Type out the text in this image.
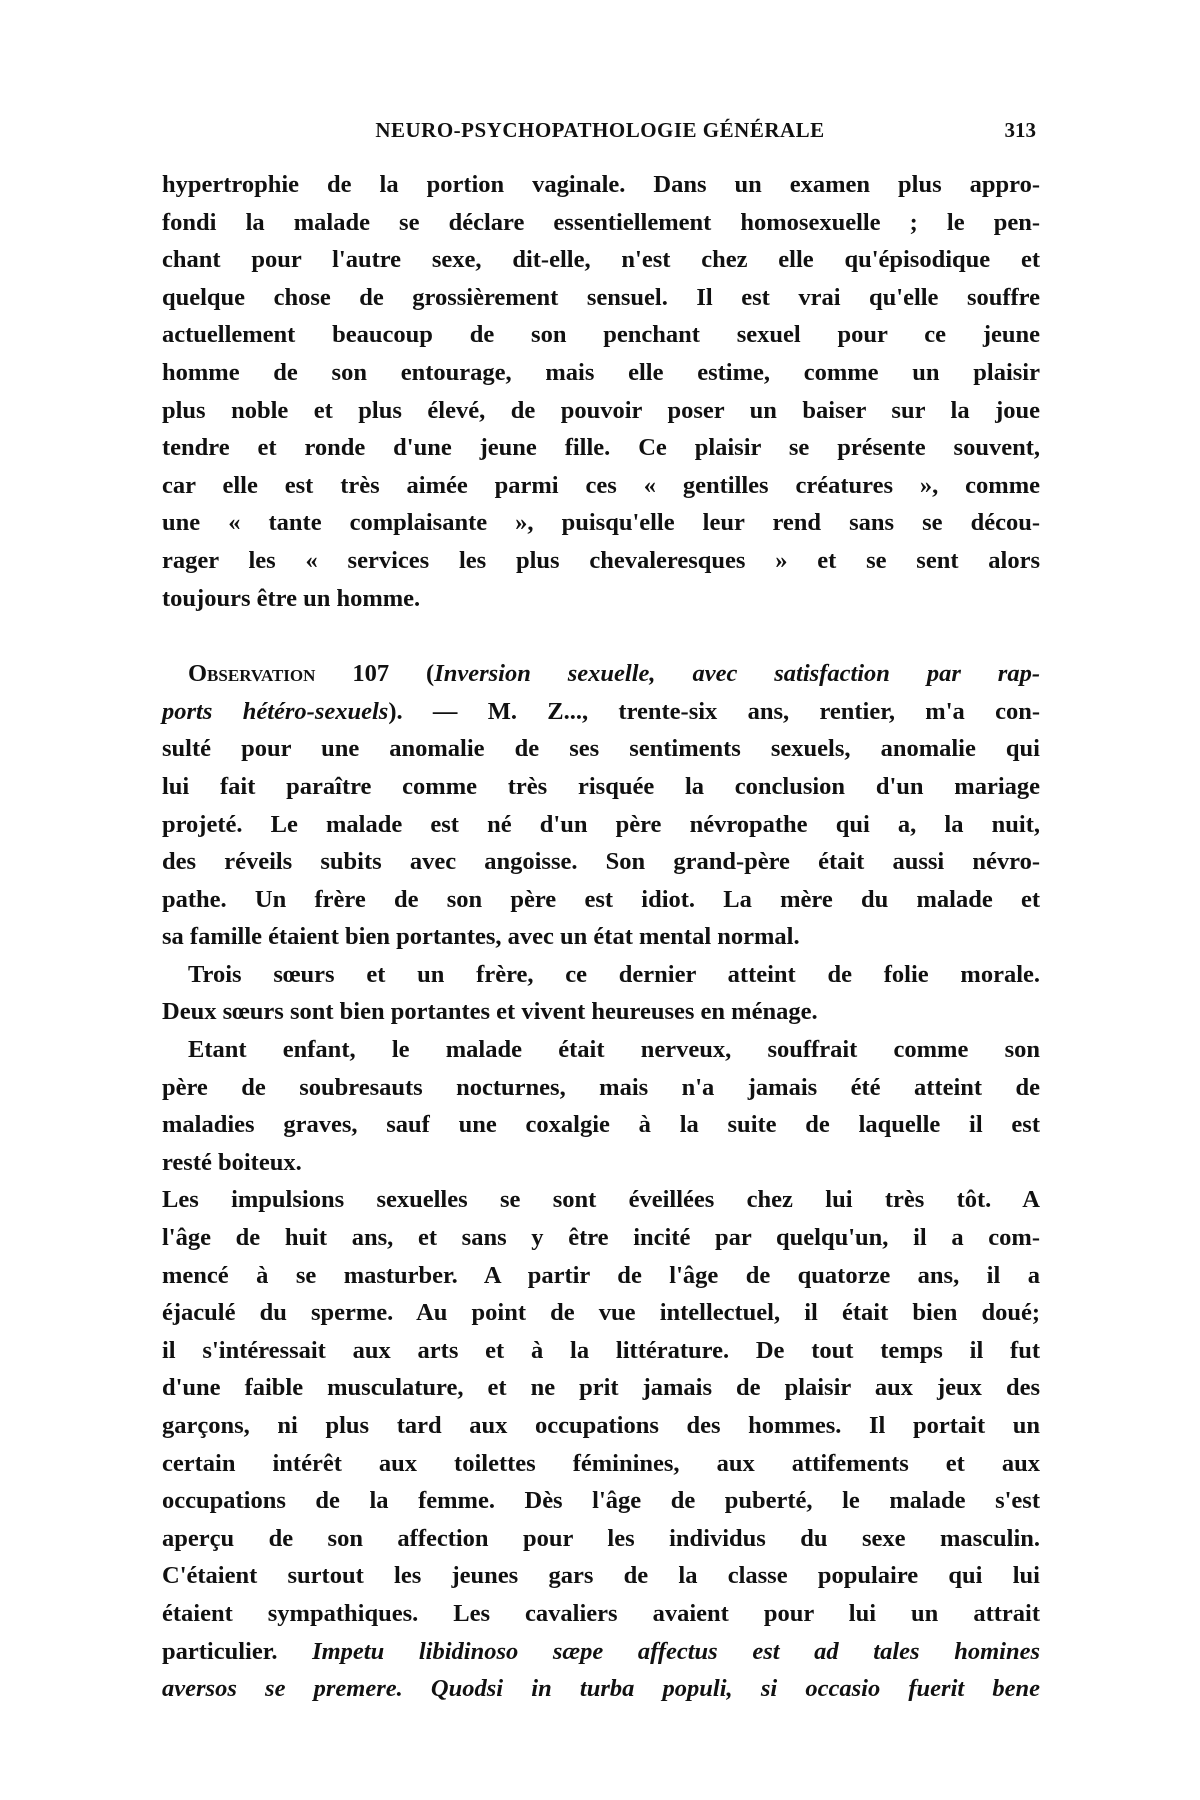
NEURO-PSYCHOPATHOLOGIE GÉNÉRALE	313
hypertrophie de la portion vaginale. Dans un examen plus appro-
fondi la malade se déclare essentiellement homosexuelle ; le pen-
chant pour l'autre sexe, dit-elle, n'est chez elle qu'épisodique et
quelque chose de grossièrement sensuel. Il est vrai qu'elle souffre
actuellement beaucoup de son penchant sexuel pour ce jeune
homme de son entourage, mais elle estime, comme un plaisir
plus noble et plus élevé, de pouvoir poser un baiser sur la joue
tendre et ronde d'une jeune fille. Ce plaisir se présente souvent,
car elle est très aimée parmi ces « gentilles créatures », comme
une « tante complaisante », puisqu'elle leur rend sans se décou-
rager les « services les plus chevaleresques » et se sent alors
toujours être un homme.
Observation 107 (Inversion sexuelle, avec satisfaction par rap-
ports hétéro-sexuels). — M. Z..., trente-six ans, rentier, m'a con-
sulté pour une anomalie de ses sentiments sexuels, anomalie qui
lui fait paraître comme très risquée la conclusion d'un mariage
projeté. Le malade est né d'un père névropathe qui a, la nuit,
des réveils subits avec angoisse. Son grand-père était aussi névro-
pathe. Un frère de son père est idiot. La mère du malade et
sa famille étaient bien portantes, avec un état mental normal.
Trois sœurs et un frère, ce dernier atteint de folie morale.
Deux sœurs sont bien portantes et vivent heureuses en ménage.
Etant enfant, le malade était nerveux, souffrait comme son
père de soubresauts nocturnes, mais n'a jamais été atteint de
maladies graves, sauf une coxalgie à la suite de laquelle il est
resté boiteux.
Les impulsions sexuelles se sont éveillées chez lui très tôt. A
l'âge de huit ans, et sans y être incité par quelqu'un, il a com-
mencé à se masturber. A partir de l'âge de quatorze ans, il a
éjaculé du sperme. Au point de vue intellectuel, il était bien doué;
il s'intéressait aux arts et à la littérature. De tout temps il fut
d'une faible musculature, et ne prit jamais de plaisir aux jeux des
garçons, ni plus tard aux occupations des hommes. Il portait un
certain intérêt aux toilettes féminines, aux attifements et aux
occupations de la femme. Dès l'âge de puberté, le malade s'est
aperçu de son affection pour les individus du sexe masculin.
C'étaient surtout les jeunes gars de la classe populaire qui lui
étaient sympathiques. Les cavaliers avaient pour lui un attrait
particulier. Impetu libidinoso sæpe affectus est ad tales homines
aversos se premere. Quodsi in turba populi, si occasio fuerit bene
